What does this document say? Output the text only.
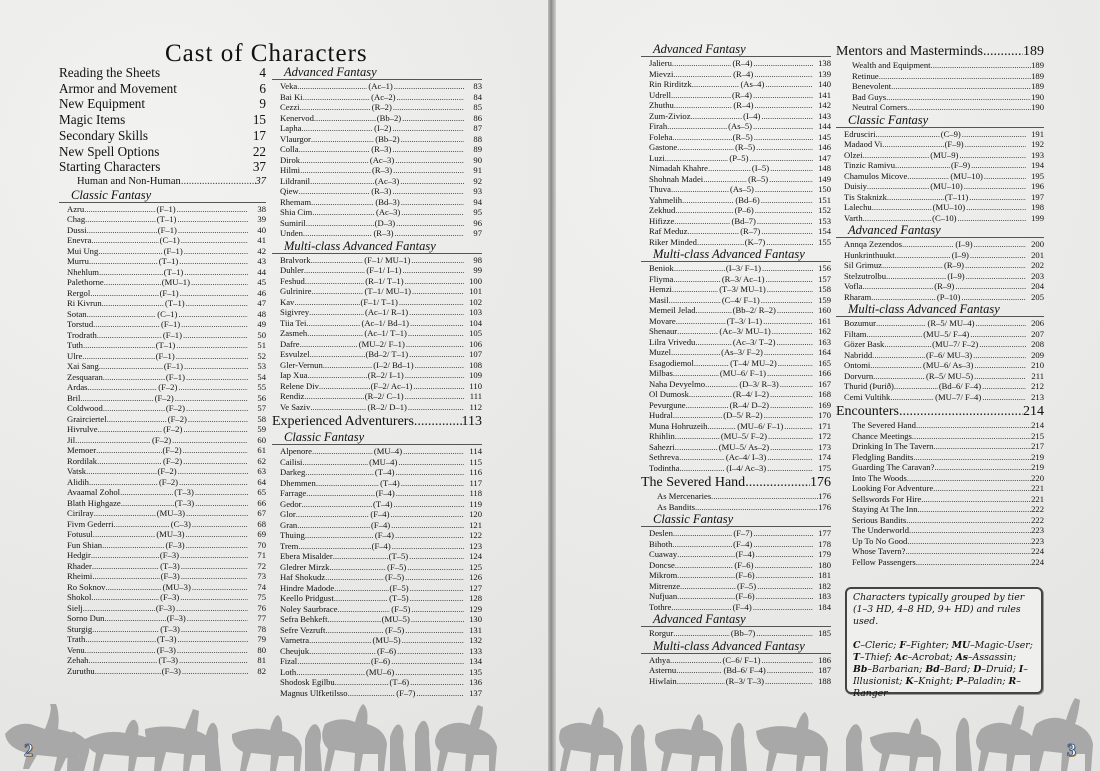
Cast of Characters
Reading the Sheets	4
Armor and Movement	6
New Equipment	9
Magic Items	15
Secondary Skills	17
New Spell Options	22
Starting Characters	37
Human and Non-Human .....	37
Classic Fantasy
Azru .....	(F–1) .....	38
Chag .....	(T–1) .....	39
Dussi .....	(F–1) .....	40
Enevra .....	(C–1) .....	41
Mui Ung .....	(F–1) .....	42
Murru .....	(T–1) .....	43
Nhehlum .....	(T–1) .....	44
Palethorne .....	(MU–1) .....	45
Rergol .....	(F–1) .....	46
Ri Kivrun .....	(T–1) .....	47
Sotan .....	(C–1) .....	48
Torstud .....	(F–1) .....	49
Trodrath .....	(F–1) .....	50
Tuth .....	(T–1) .....	51
Ulre .....	(F–1) .....	52
Xai Sang .....	(F–1) .....	53
Zesquaran .....	(F–1) .....	54
Ardas .....	(F–2) .....	55
Bril .....	(F–2) .....	56
Coldwood .....	(F–2) .....	57
Grairciertel .....	(F–2) .....	58
Hivrulve .....	(F–2) .....	59
Jil .....	(F–2) .....	60
Memoer .....	(F–2) .....	61
Rordilak .....	(F–2) .....	62
Vatsk .....	(F–2) .....	63
Alidih .....	(F–2) .....	64
Avaamal Zohol .....	(T–3) .....	65
Blath Highgaze .....	(T–3) .....	66
Cirilray .....	(MU–3) .....	67
Fivm Gederri .....	(C–3) .....	68
Fotusul .....	(MU–3) .....	69
Fun Shian .....	(F–3) .....	70
Hedgir .....	(F–3) .....	71
Rhader .....	(T–3) .....	72
Rheimi .....	(F–3) .....	73
Ro Soknov .....	(MU–3) .....	74
Shokol .....	(F–3) .....	75
Sielj .....	(F–3) .....	76
Sorno Dun .....	(F–3) .....	77
Sturgig .....	(T–3) .....	78
Trath .....	(T–3) .....	79
Venu .....	(F–3) .....	80
Zehah .....	(T–3) .....	81
Zuruthu .....	(F–3) .....	82
Advanced Fantasy
Veka .....	(Ac–1) .....	83
Bai Ki .....	(Ac–2) .....	84
Cezzi .....	(R–2) .....	85
Kenervod .....	(Bb–2) .....	86
Lapha .....	(I–2) .....	87
Vlaurgor .....	(Bb–2) .....	88
Colla .....	(R–3) .....	89
Dirok .....	(Ac–3) .....	90
Hilmi .....	(R–3) .....	91
Lildranil .....	(Ac–3) .....	92
Qiew .....	(R–3) .....	93
Rhemam .....	(Bd–3) .....	94
Shia Cim .....	(Ac–3) .....	95
Sumiril .....	(D–3) .....	96
Unden .....	(R–3) .....	97
Multi-class Advanced Fantasy
Bralvork .....	(F–1/ MU–1) .....	98
Duhler .....	(F–1/ I–1) .....	99
Feshud .....	(R–1/ T–1) .....	100
Gulrinire .....	(T–1/ MU–1) .....	101
Kav .....	(F–1/ T–1) .....	102
Sigivrey .....	(Ac–1/ R–1) .....	103
Tiia Tei .....	(Ac–1/ Bd–1) .....	104
Zasmeh .....	(Ac–1/ T–1) .....	105
Dafre .....	(MU–2/ F–1) .....	106
Esvulzel .....	(Bd–2/ T–1) .....	107
Gler-Vernun .....	(I–2/ Bd–1) .....	108
Iap Xua .....	(R–2/ I–1) .....	109
Relene Div .....	(F–2/ Ac–1) .....	110
Rendiz .....	(R–2/ C–1) .....	111
Ve Saziv .....	(R–2/ D–1) .....	112
Experienced Adventurers .....	113
Classic Fantasy
Alpenore .....	(MU–4) .....	114
Cailisi .....	(MU–4) .....	115
Darkeg .....	(T–4) .....	116
Dhemmen .....	(T–4) .....	117
Farrage .....	(F–4) .....	118
Gedor .....	(T–4) .....	119
Glor .....	(F–4) .....	120
Gran .....	(F–4) .....	121
Thuing .....	(F–4) .....	122
Trem .....	(F–4) .....	123
Ebera Misalder .....	(T–5) .....	124
Gledrer Mirzk .....	(F–5) .....	125
Haf Shokudz .....	(F–5) .....	126
Hindre Madode .....	(F–5) .....	127
Keello Pridgust .....	(T–5) .....	128
Noley Saurbrace .....	(F–5) .....	129
Sefra Behkeft .....	(MU–5) .....	130
Sefre Vezruft .....	(F–5) .....	131
Varnetra .....	(MU–5) .....	132
Cheujuk .....	(F–6) .....	133
Fizal .....	(F–6) .....	134
Loth .....	(MU–6) .....	135
Shodosk Egilbu .....	(T–6) .....	136
Magnus Ulfketilsso .....	(F–7) .....	137
2
Advanced Fantasy
Jalieru .....	(R–4) .....	138
Mievzi .....	(R–4) .....	139
Rin Rirditzk .....	(As–4) .....	140
Udrell .....	(R–4) .....	141
Zhuthu .....	(R–4) .....	142
Zum-Zivioz .....	(I–4) .....	143
Firah .....	(As–5) .....	144
Foleha .....	(R–5) .....	145
Gastone .....	(R–5) .....	146
Luzi .....	(P–5) .....	147
Nimadah Khahre .....	(I–5) .....	148
Shohnah Madei .....	(R–5) .....	149
Thuva .....	(As–5) .....	150
Yahmelih .....	(Bd–6) .....	151
Zekhud .....	(P–6) .....	152
Hifizze .....	(Bd–7) .....	153
Raf Meduz .....	(R–7) .....	154
Riker Minded .....	(K–7) .....	155
Multi-class Advanced Fantasy
Beniok .....	(I–3/ F–1) .....	156
Fliyma .....	(R–3/ Ac–1) .....	157
Hemzi .....	(T–3/ MU–1) .....	158
Masil .....	(C–4/ F–1) .....	159
Memeil Jelad .....	(Bb–2/ R–2) .....	160
Movare .....	(T–3/ I–1) .....	161
Shenaur .....	(Ac–3/ MU–1) .....	162
Lilra Vrivedu .....	(Ac–3/ T–2) .....	163
Muzel .....	(As–3/ F–2) .....	164
Esagodiemol .....	(T–4/ MU–2) .....	165
Milbas .....	(MU–6/ F–1) .....	166
Naha Devyelmo .....	(D–3/ R–3) .....	167
Ol Dumosk .....	(R–4/ I–2) .....	168
Pevurgune .....	(R–4/ D–2) .....	169
Hudral .....	(D–5/ R–2) .....	170
Muna Hohruzeih .....	(MU–6/ F–1) .....	171
Rhihlin .....	(MU–5/ F–2) .....	172
Sahezri .....	(MU–5/ As–2) .....	173
Sethreva .....	(Ac–4/ I–3) .....	174
Todintha .....	(I–4/ Ac–3) .....	175
The Severed Hand .....	176
As Mercenaries .....	176
As Bandits .....	176
Classic Fantasy
Deslen .....	(F–7) .....	177
Bihoth .....	(F–4) .....	178
Cuaway .....	(F–4) .....	179
Doncse .....	(F–6) .....	180
Mikrom .....	(F–6) .....	181
Mitrenze .....	(F–5) .....	182
Nufjuan .....	(F–6) .....	183
Tothre .....	(F–4) .....	184
Advanced Fantasy
Rorgur .....	(Bb–7) .....	185
Multi-class Advanced Fantasy
Athya .....	(C–6/ F–1) .....	186
Asternu .....	(Bd–6/ F–4) .....	187
Hiwlain .....	(R–3/ T–3) .....	188
Mentors and Masterminds .....	189
Wealth and Equipment .....	189
Retinue .....	189
Benevolent .....	189
Bad Guys .....	190
Neutral Corners .....	190
Classic Fantasy
Edrusciri .....	(C–9) .....	191
Madaod Vi .....	(F–9) .....	192
Olzei .....	(MU–9) .....	193
Tinzic Ramivu .....	(F–9) .....	194
Chamulos Micove .....	(MU–10) .....	195
Duisiy .....	(MU–10) .....	196
Tis Staknizk .....	(T–11) .....	197
Lalechu .....	(MU–10) .....	198
Varth .....	(C–10) .....	199
Advanced Fantasy
Annqa Zezendos .....	(I–9) .....	200
Hunkrinthuukt .....	(I–9) .....	201
Sil Grimuz .....	(R–9) .....	202
Stelzutrolbu .....	(I–9) .....	203
Vofla .....	(R–9) .....	204
Rharam .....	(P–10) .....	205
Multi-class Advanced Fantasy
Bozumur .....	(R–5/ MU–4) .....	206
Filtam .....	(MU–5/ F–4) .....	207
Gözer Bask .....	(MU–7/ F–2) .....	208
Nabridd .....	(F–6/ MU–3) .....	209
Ontomi .....	(MU–6/ As–3) .....	210
Dorvurn .....	(R–5/ MU–5) .....	211
Thurid (Þurið) .....	(Bd–6/ F–4) .....	212
Cemi Vultihk .....	(MU–7/ F–4) .....	213
Encounters .....	214
The Severed Hand .....	214
Chance Meetings .....	215
Drinking In The Tavern .....	217
Fledgling Bandits .....	219
Guarding The Caravan? .....	219
Into The Woods .....	220
Looking For Adventure .....	221
Sellswords For Hire .....	221
Staying At The Inn .....	222
Serious Bandits .....	222
The Underworld .....	223
Up To No Good .....	223
Whose Tavern? .....	224
Fellow Passengers .....	224

Characters typically grouped by tier (1–3 HD, 4–8 HD, 9+ HD) and rules used.

C–Cleric; F–Fighter; MU–Magic-User; T–Thief; Ac–Acrobat; As–Assassin; Bb–Barbarian; Bd–Bard; D–Druid; I–Illusionist; K–Knight; P–Paladin; R–Ranger

3
